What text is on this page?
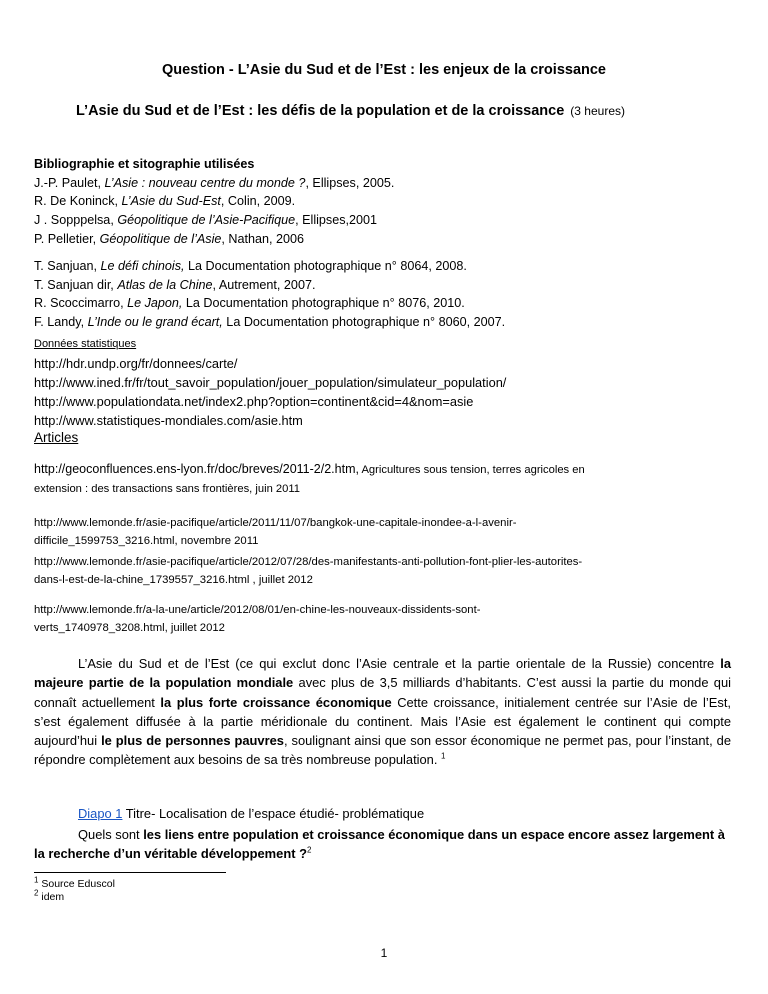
Question - L’Asie du Sud et de l’Est : les enjeux de la croissance
L’Asie du Sud et de l’Est : les défis de la population et de la croissance (3 heures)
Bibliographie et sitographie utilisées
J.-P. Paulet, L’Asie : nouveau centre du monde ?, Ellipses, 2005.
R. De Koninck, L’Asie du Sud-Est, Colin, 2009.
J . Sopppelsa, Géopolitique de l’Asie-Pacifique, Ellipses,2001
P. Pelletier, Géopolitique de l’Asie, Nathan, 2006
T. Sanjuan, Le défi chinois, La Documentation photographique n° 8064, 2008.
T. Sanjuan dir, Atlas de la Chine, Autrement, 2007.
R. Scoccimarro, Le Japon, La Documentation photographique n° 8076, 2010.
F. Landy, L’Inde ou le grand écart, La Documentation photographique n° 8060, 2007.
Données statistiques
http://hdr.undp.org/fr/donnees/carte/
http://www.ined.fr/fr/tout_savoir_population/jouer_population/simulateur_population/
http://www.populationdata.net/index2.php?option=continent&cid=4&nom=asie
http://www.statistiques-mondiales.com/asie.htm
Articles
http://geoconfluences.ens-lyon.fr/doc/breves/2011-2/2.htm, Agricultures sous tension, terres agricoles en
extension : des transactions sans frontières, juin 2011
http://www.lemonde.fr/asie-pacifique/article/2011/11/07/bangkok-une-capitale-inondee-a-l-avenir-
difficile_1599753_3216.html, novembre 2011
http://www.lemonde.fr/asie-pacifique/article/2012/07/28/des-manifestants-anti-pollution-font-plier-les-autorites-
dans-l-est-de-la-chine_1739557_3216.html , juillet 2012
http://www.lemonde.fr/a-la-une/article/2012/08/01/en-chine-les-nouveaux-dissidents-sont-
verts_1740978_3208.html, juillet 2012
L’Asie du Sud et de l’Est (ce qui exclut donc l’Asie centrale et la partie orientale de la Russie) concentre la majeure partie de la population mondiale avec plus de 3,5 milliards d’habitants. C’est aussi la partie du monde qui connaît actuellement la plus forte croissance économique Cette croissance, initialement centrée sur l’Asie de l’Est, s’est également diffusée à la partie méridionale du continent. Mais l’Asie est également le continent qui compte aujourd’hui le plus de personnes pauvres, soulignant ainsi que son essor économique ne permet pas, pour l’instant, de répondre complètement aux besoins de sa très nombreuse population. $^1$
Diapo 1 Titre- Localisation de l’espace étudié- problématique
Quels sont les liens entre population et croissance économique dans un espace encore assez largement à la recherche d’un véritable développement ?$^2$
$^1$ Source Eduscol
$^2$ idem
1
